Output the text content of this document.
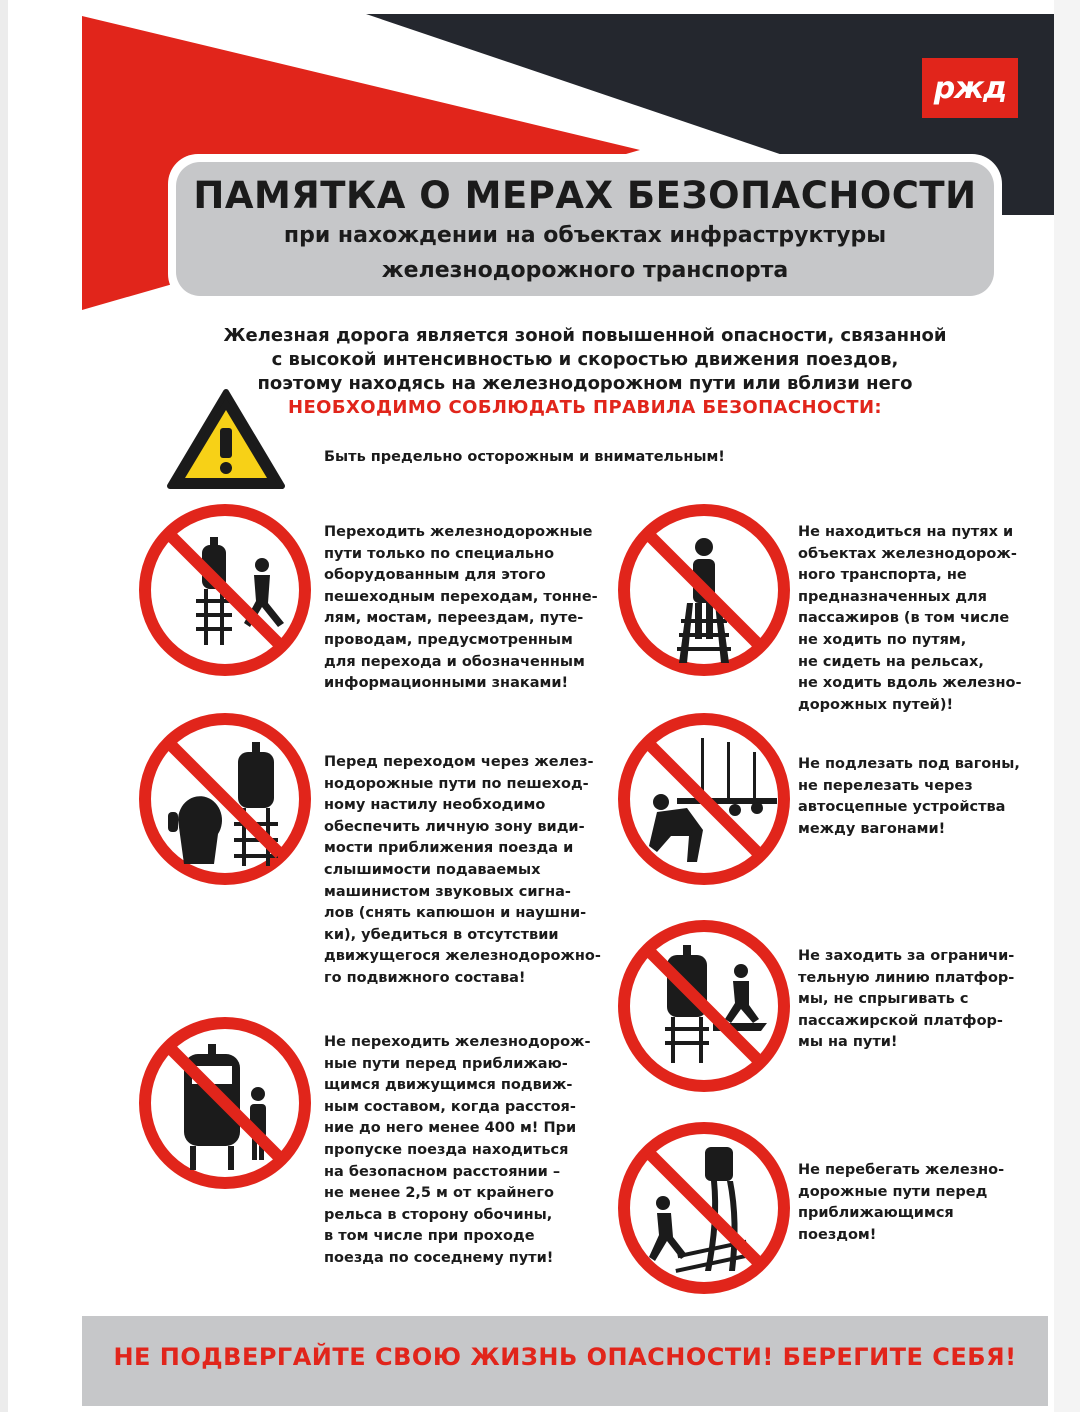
ржд
ПАМЯТКА О МЕРАХ БЕЗОПАСНОСТИ
при нахождении на объектах инфраструктуры
железнодорожного транспорта
Железная дорога является зоной повышенной опасности, связанной
с высокой интенсивностью и скоростью движения поездов,
поэтому находясь на железнодорожном пути или вблизи него
НЕОБХОДИМО СОБЛЮДАТЬ ПРАВИЛА БЕЗОПАСНОСТИ:
Быть предельно осторожным и внимательным!
Переходить железнодорожные
пути только по специально
оборудованным для этого
пешеходным переходам, тонне-
лям, мостам, переездам, путе-
проводам, предусмотренным
для перехода и обозначенным
информационными знаками!
Перед переходом через желез-
нодорожные пути по пешеход-
ному настилу необходимо
обеспечить личную зону види-
мости приближения поезда и
слышимости подаваемых
машинистом звуковых сигна-
лов (снять капюшон и наушни-
ки), убедиться в отсутствии
движущегося железнодорожно-
го подвижного состава!
Не переходить железнодорож-
ные пути перед приближаю-
щимся движущимся подвиж-
ным составом, когда расстоя-
ние до него менее 400 м! При
пропуске поезда находиться
на безопасном расстоянии –
не менее 2,5 м от крайнего
рельса в сторону обочины,
в том числе при проходе
поезда по соседнему пути!
Не находиться на путях и
объектах железнодорож-
ного транспорта, не
предназначенных для
пассажиров (в том числе
не ходить по путям,
не сидеть на рельсах,
не ходить вдоль железно-
дорожных путей)!
Не подлезать под вагоны,
не перелезать через
автосцепные устройства
между вагонами!
Не заходить за ограничи-
тельную линию платфор-
мы, не спрыгивать с
пассажирской платфор-
мы на пути!
Не перебегать железно-
дорожные пути перед
приближающимся
поездом!
НЕ ПОДВЕРГАЙТЕ СВОЮ ЖИЗНЬ ОПАСНОСТИ! БЕРЕГИТЕ СЕБЯ!
